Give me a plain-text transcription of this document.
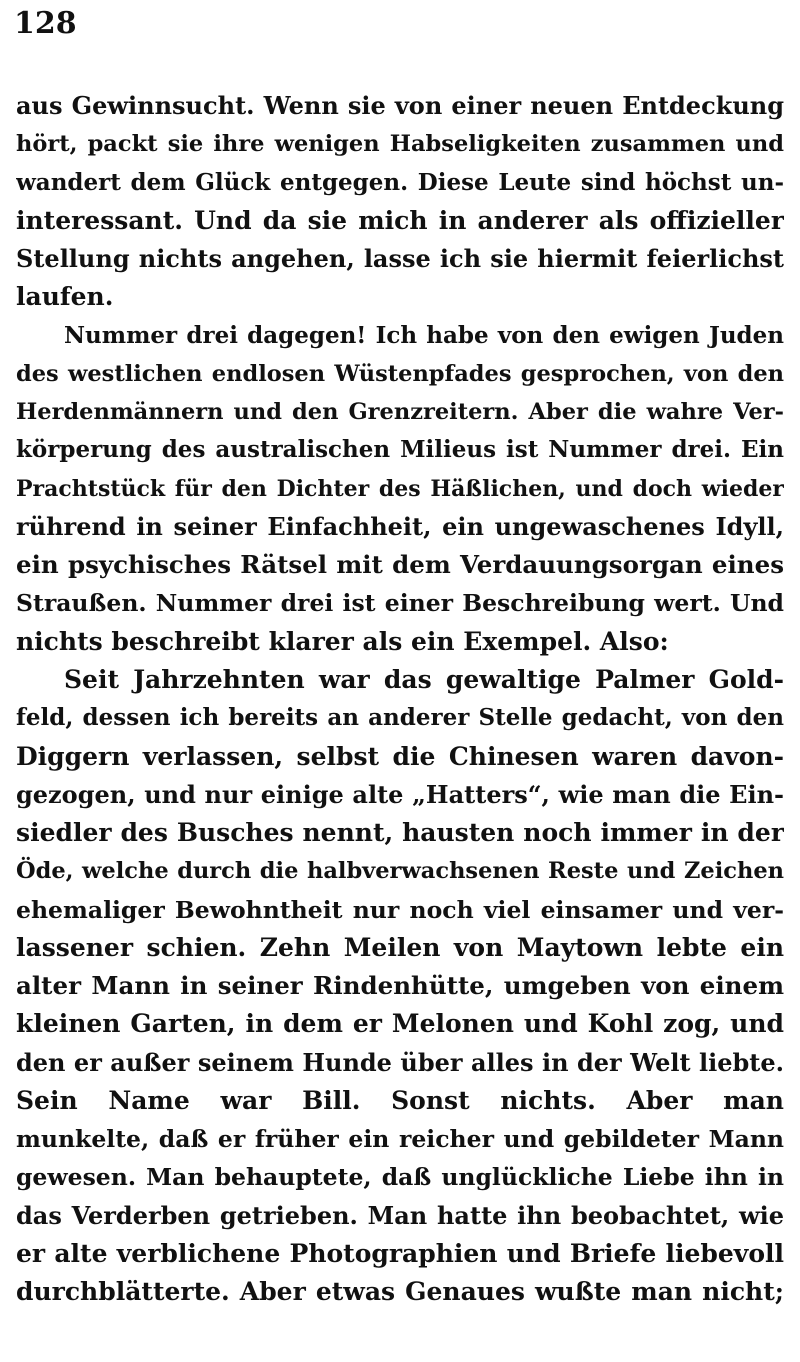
128
aus Gewinnsucht. Wenn sie von einer neuen Entdeckung
hört, packt sie ihre wenigen Habseligkeiten zusammen und
wandert dem Glück entgegen. Diese Leute sind höchst un-
interessant. Und da sie mich in anderer als offizieller
Stellung nichts angehen, lasse ich sie hiermit feierlichst
laufen.
Nummer drei dagegen! Ich habe von den ewigen Juden
des westlichen endlosen Wüstenpfades gesprochen, von den
Herdenmännern und den Grenzreitern. Aber die wahre Ver-
körperung des australischen Milieus ist Nummer drei. Ein
Prachtstück für den Dichter des Häßlichen, und doch wieder
rührend in seiner Einfachheit, ein ungewaschenes Idyll,
ein psychisches Rätsel mit dem Verdauungsorgan eines
Straußen. Nummer drei ist einer Beschreibung wert. Und
nichts beschreibt klarer als ein Exempel. Also:
Seit Jahrzehnten war das gewaltige Palmer Gold-
feld, dessen ich bereits an anderer Stelle gedacht, von den
Diggern verlassen, selbst die Chinesen waren davon-
gezogen, und nur einige alte „Hatters“, wie man die Ein-
siedler des Busches nennt, hausten noch immer in der
Öde, welche durch die halbverwachsenen Reste und Zeichen
ehemaliger Bewohntheit nur noch viel einsamer und ver-
lassener schien. Zehn Meilen von Maytown lebte ein
alter Mann in seiner Rindenhütte, umgeben von einem
kleinen Garten, in dem er Melonen und Kohl zog, und
den er außer seinem Hunde über alles in der Welt liebte.
Sein Name war Bill. Sonst nichts. Aber man
munkelte, daß er früher ein reicher und gebildeter Mann
gewesen. Man behauptete, daß unglückliche Liebe ihn in
das Verderben getrieben. Man hatte ihn beobachtet, wie
er alte verblichene Photographien und Briefe liebevoll
durchblätterte. Aber etwas Genaues wußte man nicht;
